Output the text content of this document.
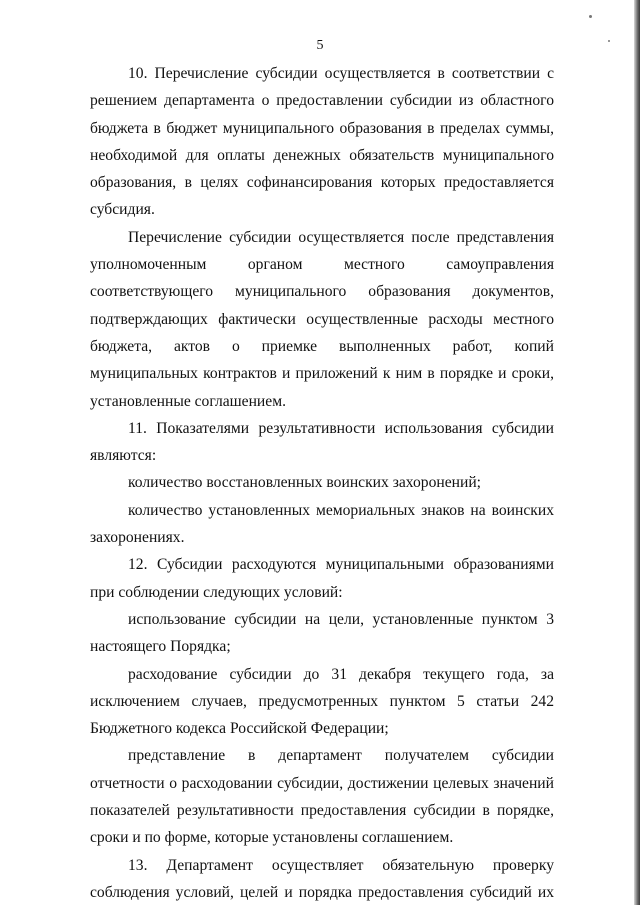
5

10. Перечисление субсидии осуществляется в соответствии с решением департамента о предоставлении субсидии из областного бюджета в бюджет муниципального образования в пределах суммы, необходимой для оплаты денежных обязательств муниципального образования, в целях софинансирования которых предоставляется субсидия.

Перечисление субсидии осуществляется после представления уполномоченным органом местного самоуправления соответствующего муниципального образования документов, подтверждающих фактически осуществленные расходы местного бюджета, актов о приемке выполненных работ, копий муниципальных контрактов и приложений к ним в порядке и сроки, установленные соглашением.

11. Показателями результативности использования субсидии являются:

количество восстановленных воинских захоронений;

количество установленных мемориальных знаков на воинских захоронениях.

12. Субсидии расходуются муниципальными образованиями при соблюдении следующих условий:

использование субсидии на цели, установленные пунктом 3 настоящего Порядка;

расходование субсидии до 31 декабря текущего года, за исключением случаев, предусмотренных пунктом 5 статьи 242 Бюджетного кодекса Российской Федерации;

представление в департамент получателем субсидии отчетности о расходовании субсидии, достижении целевых значений показателей результативности предоставления субсидии в порядке, сроки и по форме, которые установлены соглашением.

13. Департамент осуществляет обязательную проверку соблюдения условий, целей и порядка предоставления субсидий их
